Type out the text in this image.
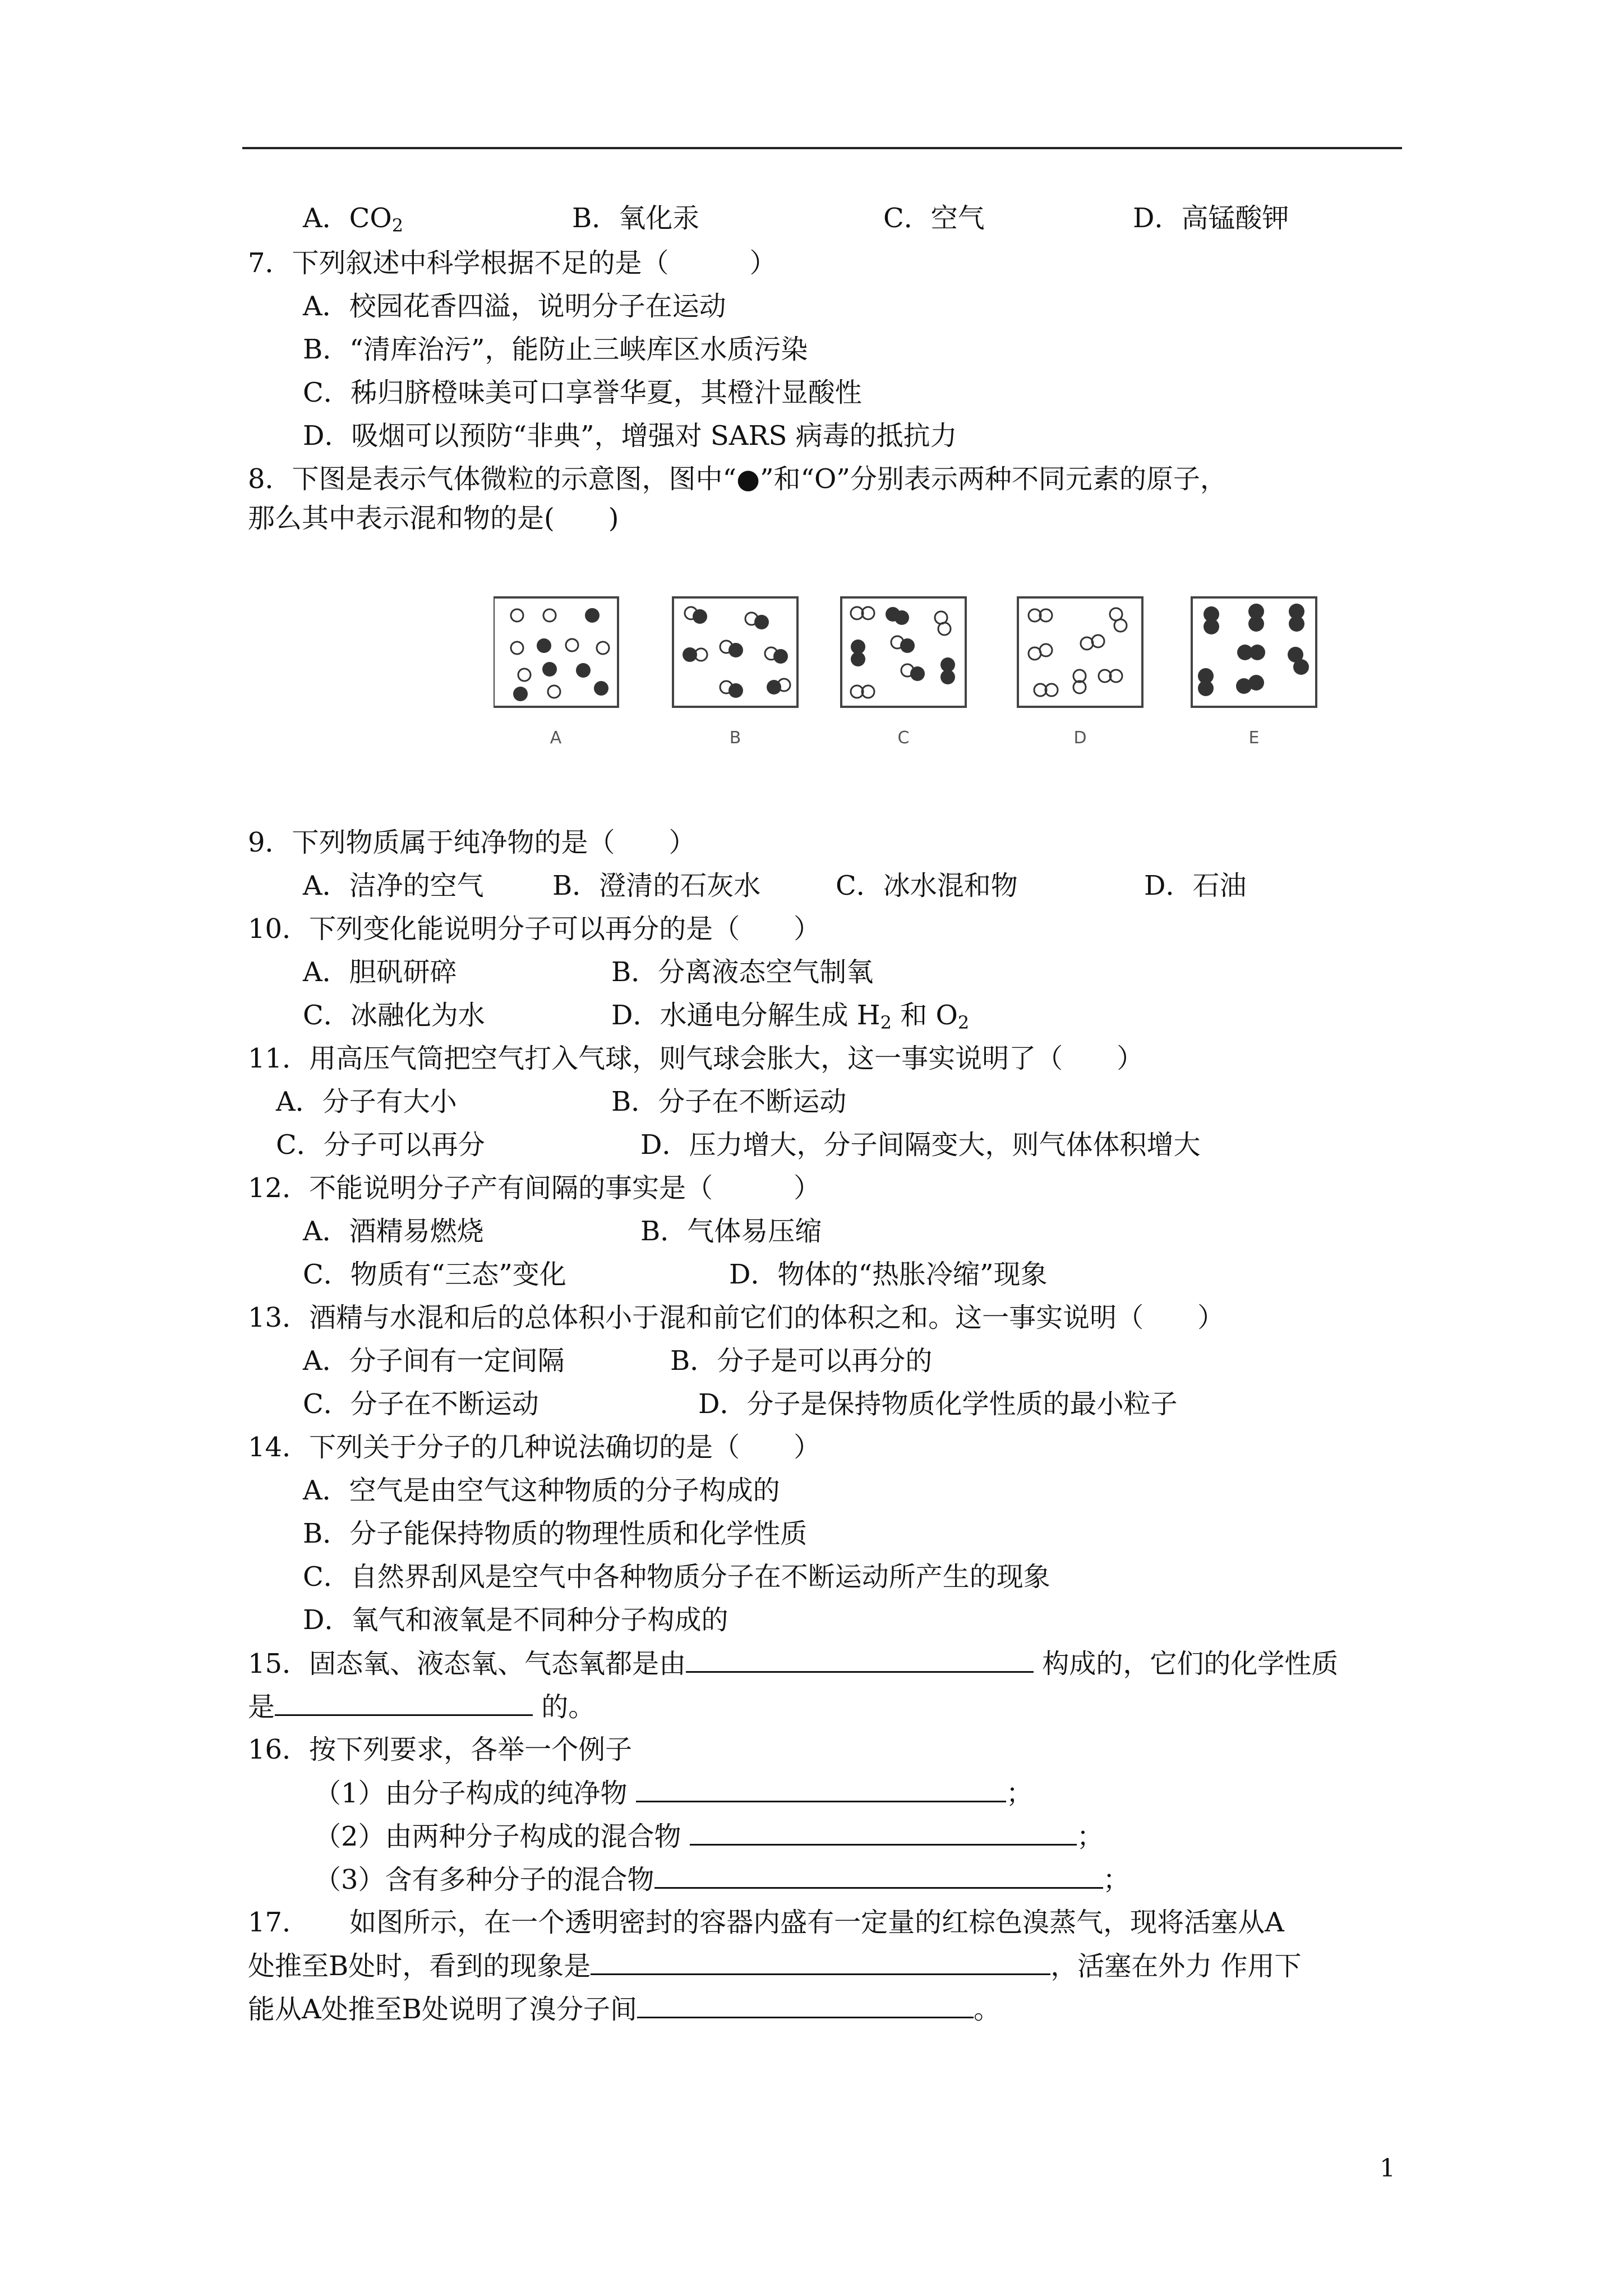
A．$CO_2$	B．氧化汞	C．空气	D．高锰酸钾
7．下列叙述中科学根据不足的是（　　　）
A．校园花香四溢，说明分子在运动
B．“清库治污”，能防止三峡库区水质污染
C．秭归脐橙味美可口享誉华夏，其橙汁显酸性
D．吸烟可以预防“非典”，增强对 SARS 病毒的抵抗力
8．下图是表示气体微粒的示意图，图中“●”和“O”分别表示两种不同元素的原子，
那么其中表示混和物的是(　　)
A	B	C	D	E
9．下列物质属于纯净物的是（　　）
A．洁净的空气	B．澄清的石灰水	C．冰水混和物	D．石油
10．下列变化能说明分子可以再分的是（　　）
A．胆矾研碎	B．分离液态空气制氧
C．冰融化为水	D．水通电分解生成 $H_2$ 和 $O_2$
11．用高压气筒把空气打入气球，则气球会胀大，这一事实说明了（　　）
A．分子有大小	B．分子在不断运动
C．分子可以再分	D．压力增大，分子间隔变大，则气体体积增大
12．不能说明分子产有间隔的事实是（　　　）
A．酒精易燃烧	B．气体易压缩
C．物质有“三态”变化	D．物体的“热胀冷缩”现象
13．酒精与水混和后的总体积小于混和前它们的体积之和。这一事实说明（　　）
A．分子间有一定间隔	B．分子是可以再分的
C．分子在不断运动	D．分子是保持物质化学性质的最小粒子
14．下列关于分子的几种说法确切的是（　　）
A．空气是由空气这种物质的分子构成的
B．分子能保持物质的物理性质和化学性质
C．自然界刮风是空气中各种物质分子在不断运动所产生的现象
D．氧气和液氧是不同种分子构成的
15．固态氧、液态氧、气态氧都是由	构成的，它们的化学性质
是	的。
16．按下列要求，各举一个例子
（1）由分子构成的纯净物	；
（2）由两种分子构成的混合物	；
（3）含有多种分子的混合物	；
17．　　如图所示，在一个透明密封的容器内盛有一定量的红棕色溴蒸气，现将活塞从A
处推至B处时，看到的现象是	，活塞在外力 作用下
能从A处推至B处说明了溴分子间	。
1
